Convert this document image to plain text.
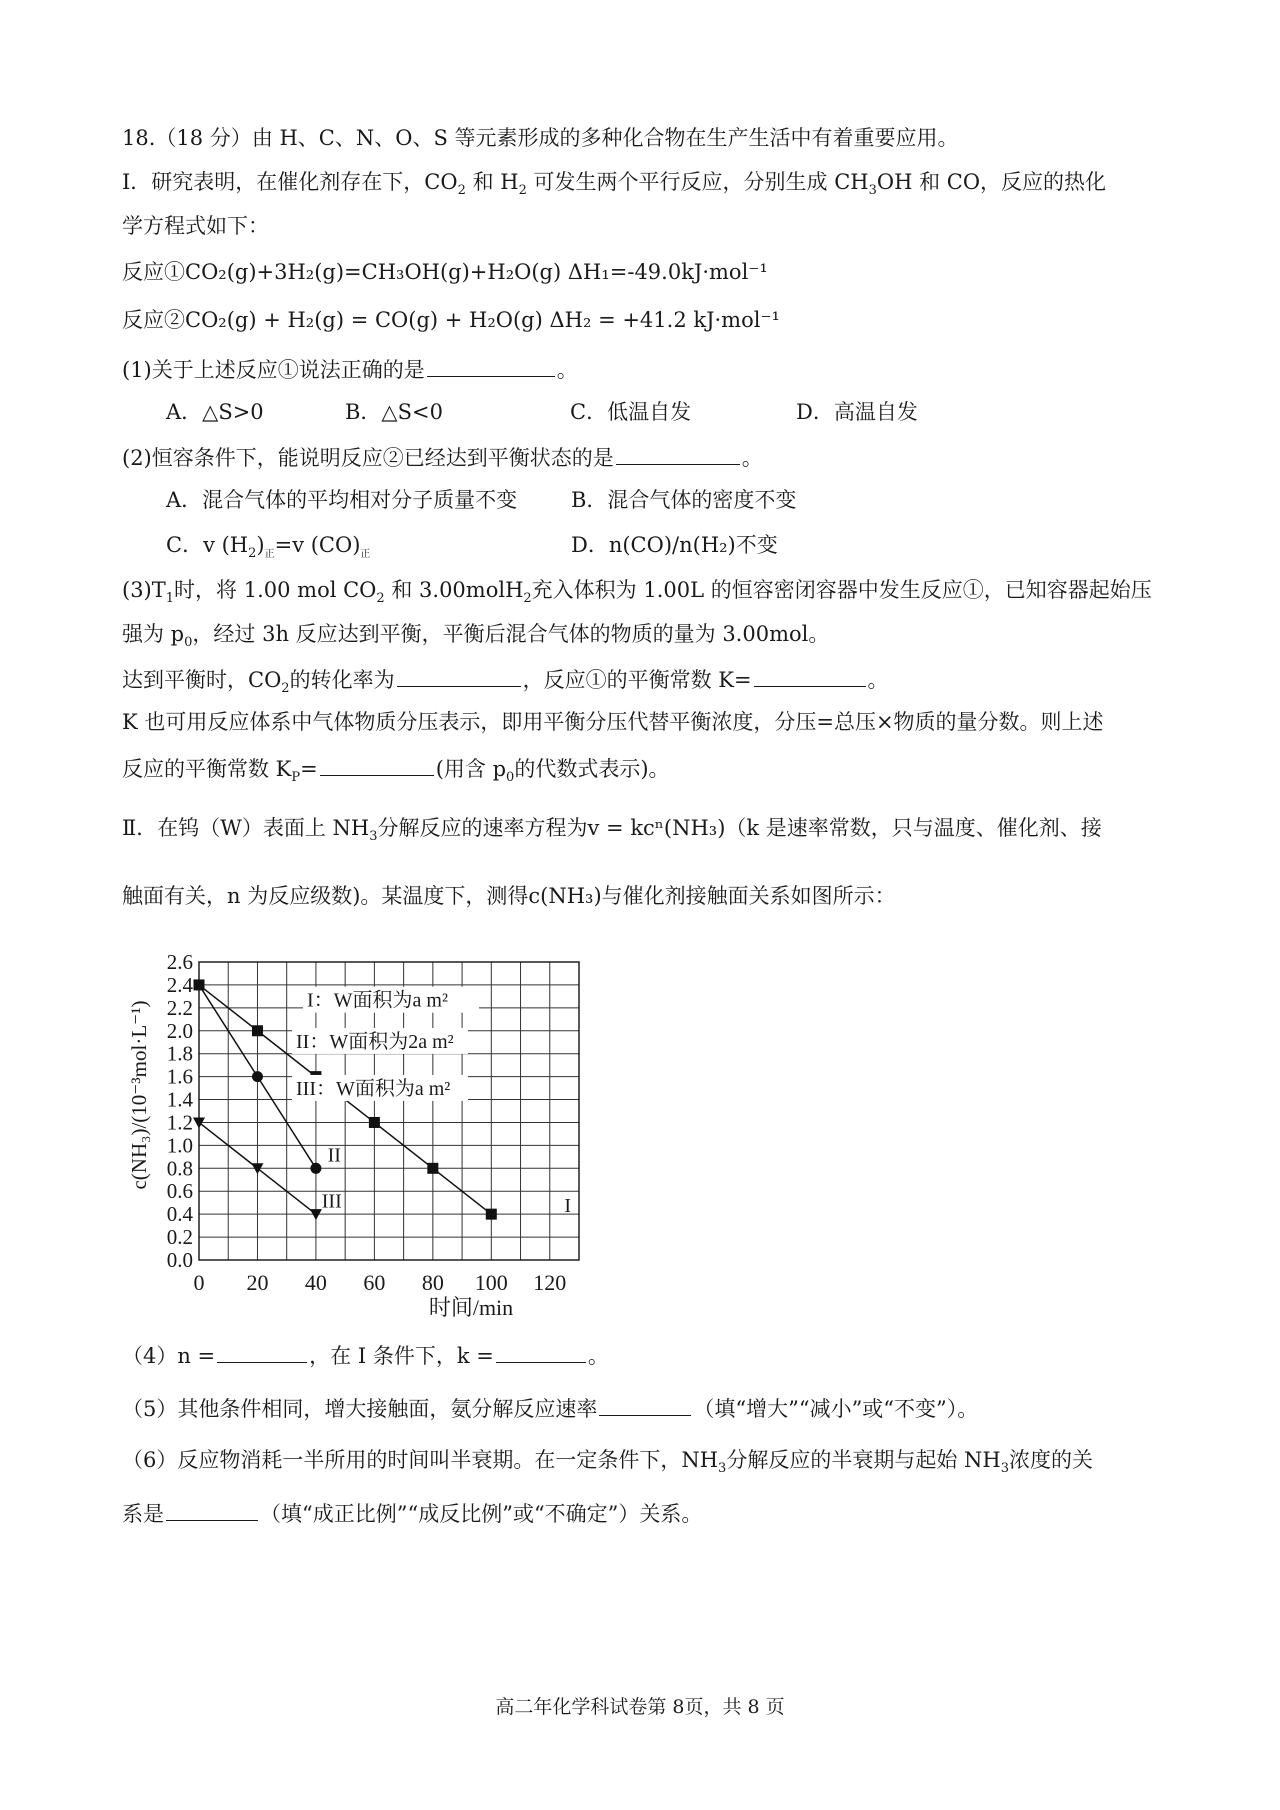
18.（18 分）由 H、C、N、O、S 等元素形成的多种化合物在生产生活中有着重要应用。
Ⅰ．研究表明，在催化剂存在下，$CO_2$ 和 $H_2$ 可发生两个平行反应，分别生成 $CH_3OH$ 和 CO，反应的热化
学方程式如下：
反应①CO₂(g)+3H₂(g)=CH₃OH(g)+H₂O(g) ΔH₁=-49.0kJ·mol⁻¹
反应②CO₂(g) + H₂(g) = CO(g) + H₂O(g) ΔH₂ = +41.2 kJ·mol⁻¹
(1)关于上述反应①说法正确的是	。
A．△S>0	B．△S<0	C．低温自发	D．高温自发
(2)恒容条件下，能说明反应②已经达到平衡状态的是	。
A．混合气体的平均相对分子质量不变	B．混合气体的密度不变
C．v $(H_2)_正=v$ $(CO)_正$	D．n(CO)/n(H₂)不变
$(3)T_1$时，将 1.00 mol $CO_2$ 和 3.00molH$_2$充入体积为 1.00L 的恒容密闭容器中发生反应①，已知容器起始压
强为 $p_0$，经过 3h 反应达到平衡，平衡后混合气体的物质的量为 3.00mol。
达到平衡时，$CO_2$的转化率为	，反应①的平衡常数 K=	。
K 也可用反应体系中气体物质分压表示，即用平衡分压代替平衡浓度，分压=总压×物质的量分数。则上述
反应的平衡常数 $K_P=$	(用含 $p_0$的代数式表示)。
Ⅱ．在钨（W）表面上 $NH_3$分解反应的速率方程为v = kcⁿ(NH₃)（k 是速率常数，只与温度、催化剂、接
触面有关，n 为反应级数)。某温度下，测得c(NH₃)与催化剂接触面关系如图所示：
0 20 40 60 80 100 120
0.0
0.2
0.4
0.6
0.8
1.0
1.2
1.4
1.6
1.8
2.0
2.2
2.4
2.6
I
II
III
I：W面积为a m²
II：W面积为2a m²
III：W面积为a m²
时间/min
c(NH₃)/(10⁻³mol·L⁻¹)
（4）n =	，在 I 条件下，k =	。
（5）其他条件相同，增大接触面，氨分解反应速率	（填“增大”“减小”或“不变”）。
（6）反应物消耗一半所用的时间叫半衰期。在一定条件下，$NH_3$分解反应的半衰期与起始 $NH_3$浓度的关
系是	（填“成正比例”“成反比例”或“不确定”）关系。
高二年化学科试卷第 8页，共 8 页
